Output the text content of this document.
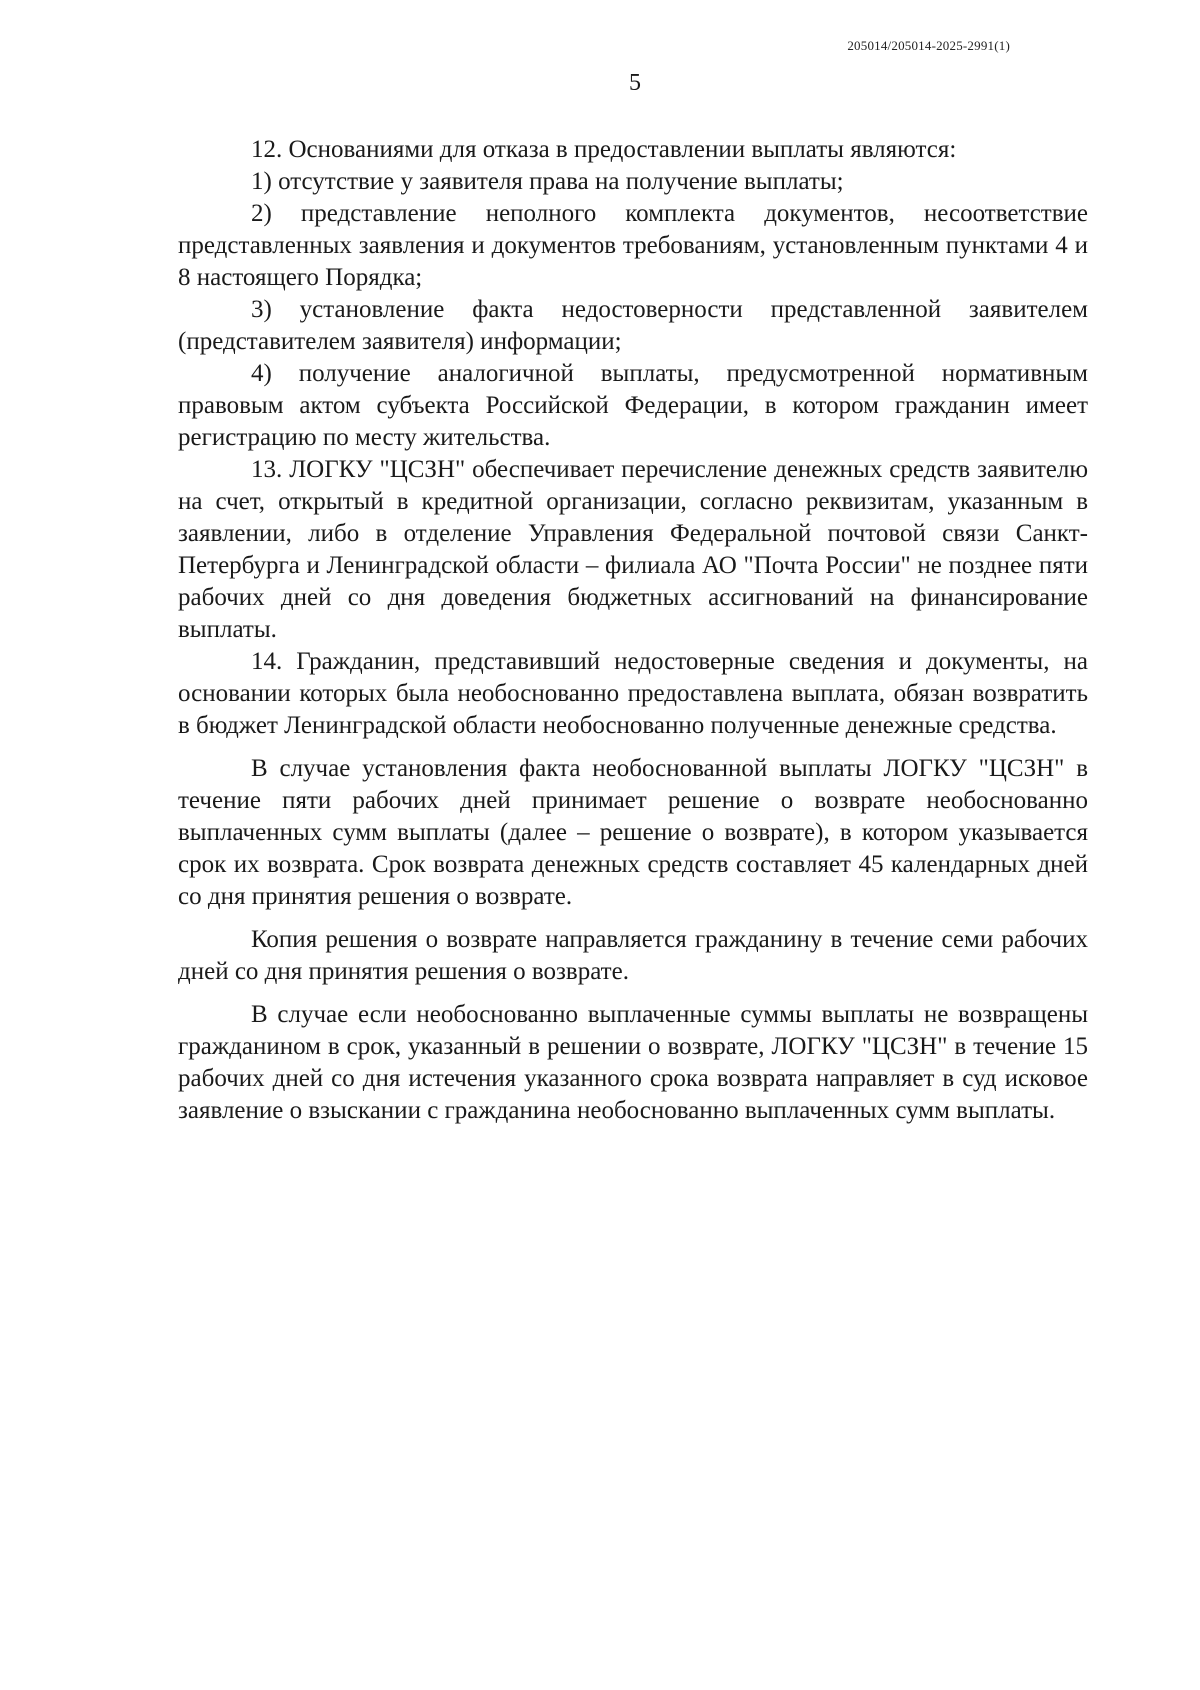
205014/205014-2025-2991(1)
5

12. Основаниями для отказа в предоставлении выплаты являются:

1) отсутствие у заявителя права на получение выплаты;

2) представление неполного комплекта документов, несоответствие представленных заявления и документов требованиям, установленным пунктами 4 и 8 настоящего Порядка;

3) установление факта недостоверности представленной заявителем (представителем заявителя) информации;

4) получение аналогичной выплаты, предусмотренной нормативным правовым актом субъекта Российской Федерации, в котором гражданин имеет регистрацию по месту жительства.

13. ЛОГКУ "ЦСЗН" обеспечивает перечисление денежных средств заявителю на счет, открытый в кредитной организации, согласно реквизитам, указанным в заявлении, либо в отделение Управления Федеральной почтовой связи Санкт-Петербурга и Ленинградской области – филиала АО "Почта России" не позднее пяти рабочих дней со дня доведения бюджетных ассигнований на финансирование выплаты.

14. Гражданин, представивший недостоверные сведения и документы, на основании которых была необоснованно предоставлена выплата, обязан возвратить в бюджет Ленинградской области необоснованно полученные денежные средства.

В случае установления факта необоснованной выплаты ЛОГКУ "ЦСЗН" в течение пяти рабочих дней принимает решение о возврате необоснованно выплаченных сумм выплаты (далее – решение о возврате), в котором указывается срок их возврата. Срок возврата денежных средств составляет 45 календарных дней со дня принятия решения о возврате.

Копия решения о возврате направляется гражданину в течение семи рабочих дней со дня принятия решения о возврате.

В случае если необоснованно выплаченные суммы выплаты не возвращены гражданином в срок, указанный в решении о возврате, ЛОГКУ "ЦСЗН" в течение 15 рабочих дней со дня истечения указанного срока возврата направляет в суд исковое заявление о взыскании с гражданина необоснованно выплаченных сумм выплаты.
